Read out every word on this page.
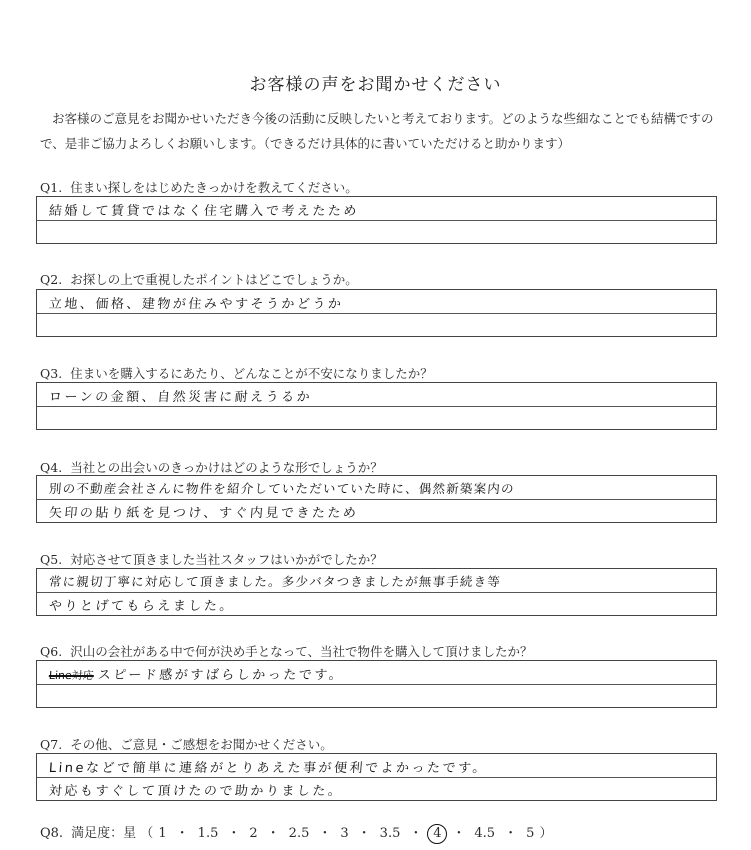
お客様の声をお聞かせください
お客様のご意見をお聞かせいただき今後の活動に反映したいと考えております。どのような些細なことでも結構ですので、是非ご協力よろしくお願いします。（できるだけ具体的に書いていただけると助かります）
Q1. 住まい探しをはじめたきっかけを教えてください。
結婚して賃貸ではなく住宅購入で考えたため
Q2. お探しの上で重視したポイントはどこでしょうか。
立地、価格、建物が住みやすそうかどうか
Q3. 住まいを購入するにあたり、どんなことが不安になりましたか？
ローンの金額、自然災害に耐えうるか
Q4. 当社との出会いのきっかけはどのような形でしょうか？
別の不動産会社さんに物件を紹介していただいていた時に、偶然新築案内の
矢印の貼り紙を見つけ、すぐ内見できたため
Q5. 対応させて頂きました当社スタッフはいかがでしたか？
常に親切丁寧に対応して頂きました。多少バタつきましたが無事手続き等
やりとげてもらえました。
Q6. 沢山の会社がある中で何が決め手となって、当社で物件を購入して頂けましたか？
Line対応 スピード感がすばらしかったです。
Q7. その他、ご意見・ご感想をお聞かせください。
Lineなどで簡単に連絡がとりあえた事が便利でよかったです。
対応もすぐして頂けたので助かりました。
Q8. 満足度：星 （ 1 ・ 1.5 ・ 2 ・ 2.5 ・ 3 ・ 3.5 ・ 4 ・ 4.5 ・ 5 ）
